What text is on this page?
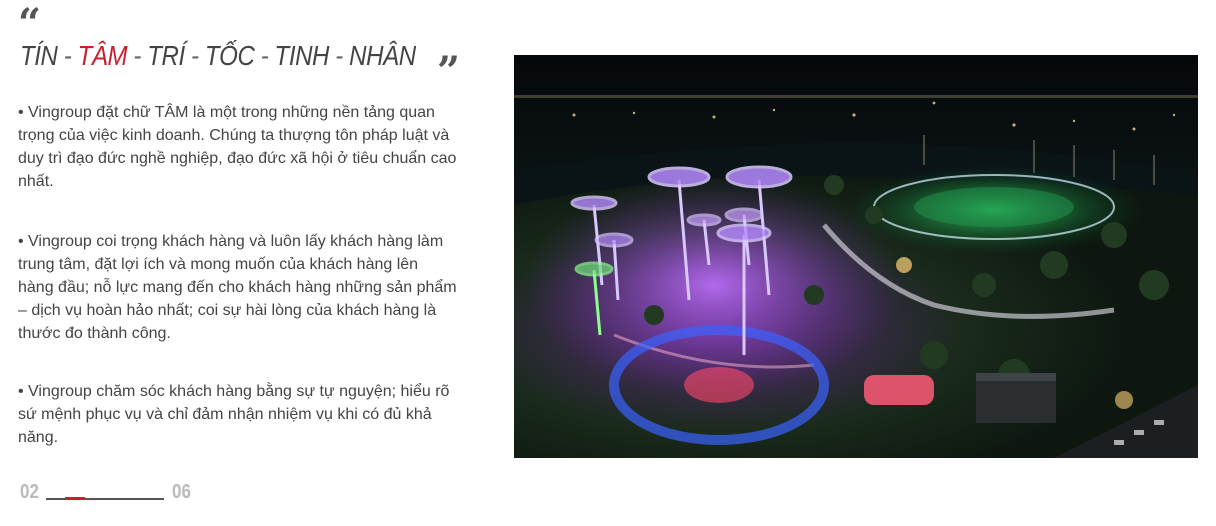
“
TÍN - TÂM - TRÍ - TỐC - TINH - NHÂN ”
• Vingroup đặt chữ TÂM là một trong những nền tảng quan trọng của việc kinh doanh. Chúng ta thượng tôn pháp luật và duy trì đạo đức nghề nghiệp, đạo đức xã hội ở tiêu chuẩn cao nhất.
• Vingroup coi trọng khách hàng và luôn lấy khách hàng làm trung tâm, đặt lợi ích và mong muốn của khách hàng lên hàng đầu; nỗ lực mang đến cho khách hàng những sản phẩm – dịch vụ hoàn hảo nhất; coi sự hài lòng của khách hàng là thước đo thành công.
• Vingroup chăm sóc khách hàng bằng sự tự nguyện; hiểu rõ sứ mệnh phục vụ và chỉ đảm nhận nhiệm vụ khi có đủ khả năng.
02	06
